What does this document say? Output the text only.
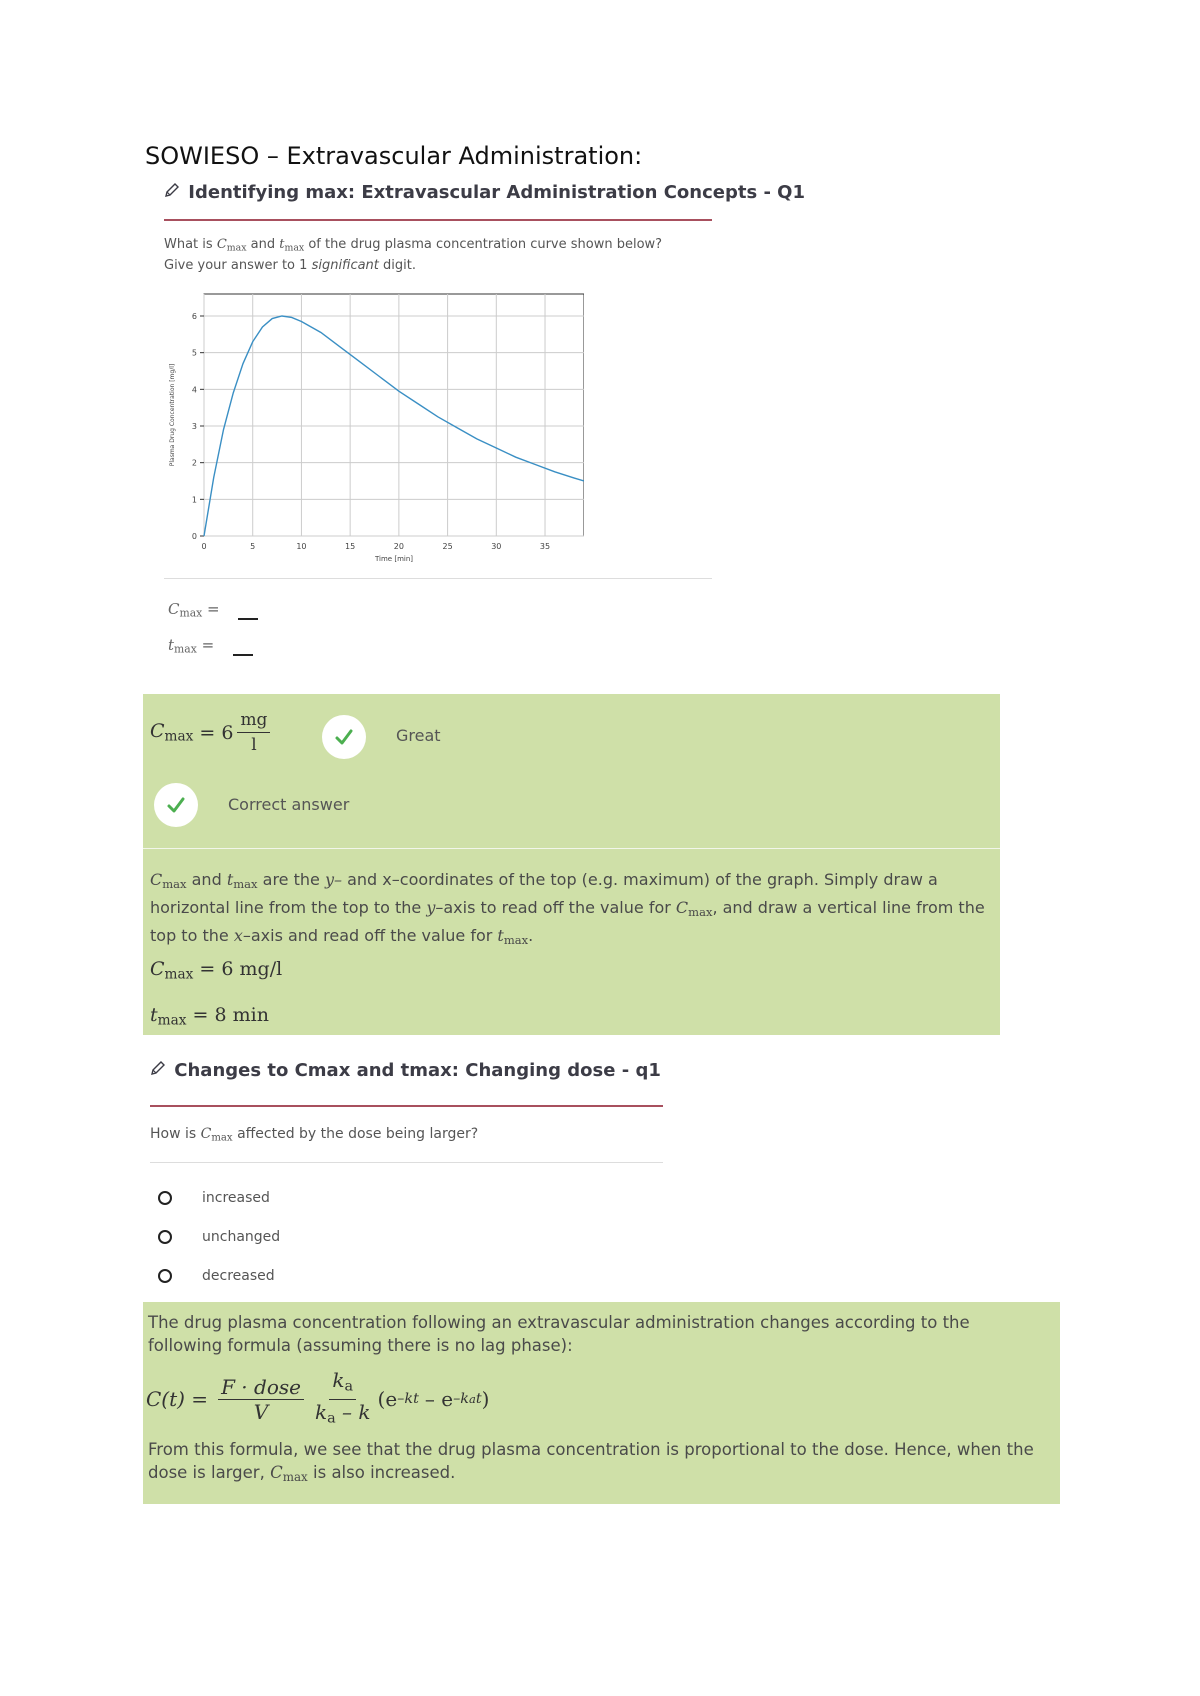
SOWIESO – Extravascular Administration:
Identifying max: Extravascular Administration Concepts - Q1
What is $C_{max}$ and $t_{max}$ of the drug plasma concentration curve shown below?
Give your answer to 1 significant digit.
0	5	10	15	20	25	30	35
0
1
2
3
4
5
6
Time [min]
Plasma Drug Concentration [mg/l]
$C_{max}$ =
$t_{max}$ =
$C_{max} = 6 \frac{mg}{l}$	Great
Correct answer
$C_{max}$ and $t_{max}$ are the y– and x–coordinates of the top (e.g. maximum) of the graph. Simply draw a
horizontal line from the top to the y–axis to read off the value for $C_{max}$, and draw a vertical line from the
top to the x–axis and read off the value for $t_{max}$.
$C_{max} = 6$ mg/l
$t_{max} = 8$ min
Changes to Cmax and tmax: Changing dose - q1
How is $C_{max}$ affected by the dose being larger?
increased
unchanged
decreased
The drug plasma concentration following an extravascular administration changes according to the
following formula (assuming there is no lag phase):
$C(t) = \frac{\text{F · dose}}{V} \frac{k_a}{k_a - k} (e$ –kt – e –kat )
From this formula, we see that the drug plasma concentration is proportional to the dose. Hence, when the
dose is larger, $C_{max}$ is also increased.
